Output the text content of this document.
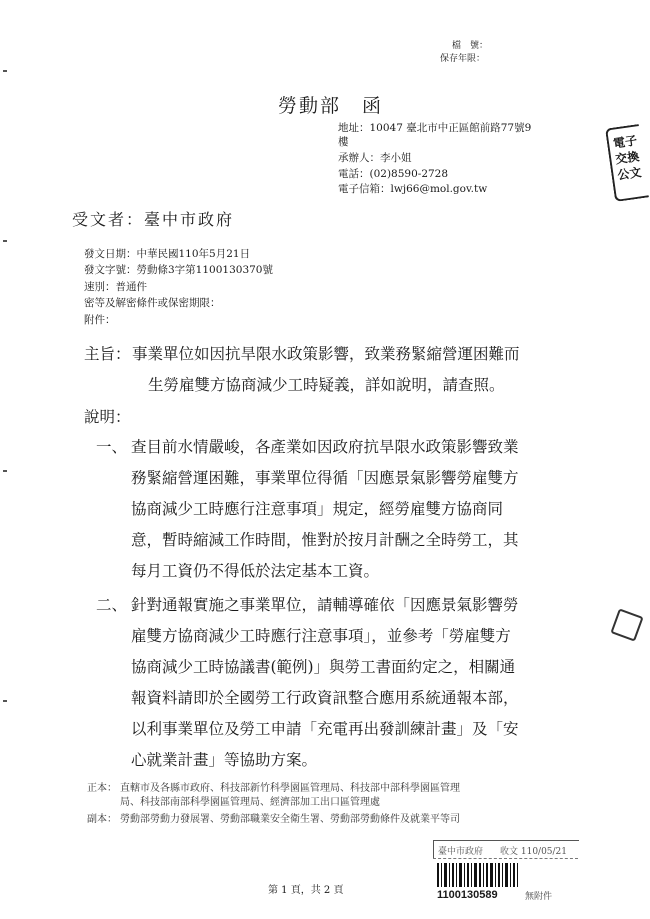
檔　號：
保存年限：
勞動部　函
地址：10047 臺北市中正區館前路77號9
樓
承辦人：李小姐
電話：(02)8590-2728
電子信箱：lwj66@mol.gov.tw
電子
交換
公文
受文者：臺中市政府
發文日期：中華民國110年5月21日
發文字號：勞動條3字第1100130370號
速別：普通件
密等及解密條件或保密期限：
附件：
主旨： 事業單位如因抗旱限水政策影響，致業務緊縮營運困難而
生勞雇雙方協商減少工時疑義，詳如說明，請查照。
說明：
一、 查目前水情嚴峻，各產業如因政府抗旱限水政策影響致業
務緊縮營運困難，事業單位得循「因應景氣影響勞雇雙方
協商減少工時應行注意事項」規定，經勞雇雙方協商同
意，暫時縮減工作時間，惟對於按月計酬之全時勞工，其
每月工資仍不得低於法定基本工資。
二、 針對通報實施之事業單位，請輔導確依「因應景氣影響勞
雇雙方協商減少工時應行注意事項」，並參考「勞雇雙方
協商減少工時協議書(範例)」與勞工書面約定之，相關通
報資料請即於全國勞工行政資訊整合應用系統通報本部，
以利事業單位及勞工申請「充電再出發訓練計畫」及「安
心就業計畫」等協助方案。
正本： 直轄市及各縣市政府、科技部新竹科學園區管理局、科技部中部科學園區管理
局、科技部南部科學園區管理局、經濟部加工出口區管理處
副本： 勞動部勞動力發展署、勞動部職業安全衛生署、勞動部勞動條件及就業平等司
臺中市政府 收文 110/05/21
1100130589	無附件
第 1 頁，共 2 頁
